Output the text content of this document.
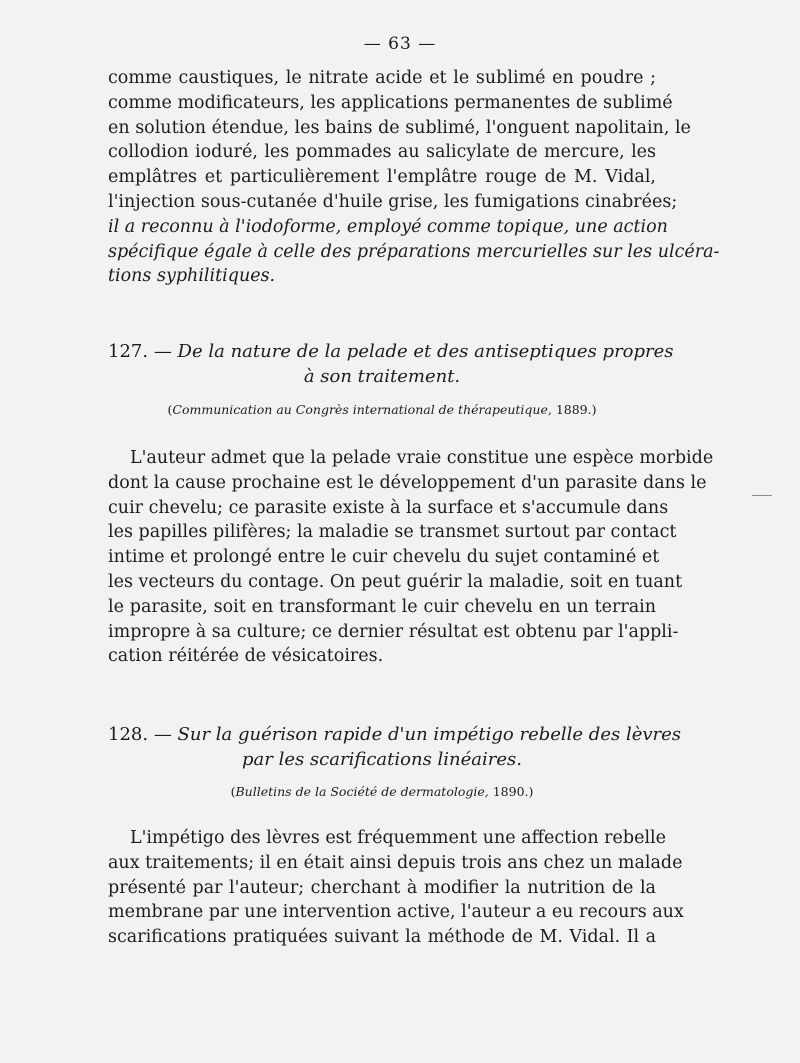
— 63 —
comme caustiques, le nitrate acide et le sublimé en poudre ;
comme modificateurs, les applications permanentes de sublimé
en solution étendue, les bains de sublimé, l'onguent napolitain, le
collodion ioduré, les pommades au salicylate de mercure, les
emplâtres et particulièrement l'emplâtre rouge de M. Vidal,
l'injection sous-cutanée d'huile grise, les fumigations cinabrées;
il a reconnu à l'iodoforme, employé comme topique, une action
spécifique égale à celle des préparations mercurielles sur les ulcéra-
tions syphilitiques.
127. — De la nature de la pelade et des antiseptiques propres
à son traitement.
(Communication au Congrès international de thérapeutique, 1889.)
L'auteur admet que la pelade vraie constitue une espèce morbide
dont la cause prochaine est le développement d'un parasite dans le
cuir chevelu; ce parasite existe à la surface et s'accumule dans
les papilles pilifères; la maladie se transmet surtout par contact
intime et prolongé entre le cuir chevelu du sujet contaminé et
les vecteurs du contage. On peut guérir la maladie, soit en tuant
le parasite, soit en transformant le cuir chevelu en un terrain
impropre à sa culture; ce dernier résultat est obtenu par l'appli-
cation réitérée de vésicatoires.
128. — Sur la guérison rapide d'un impétigo rebelle des lèvres
par les scarifications linéaires.
(Bulletins de la Société de dermatologie, 1890.)
L'impétigo des lèvres est fréquemment une affection rebelle
aux traitements; il en était ainsi depuis trois ans chez un malade
présenté par l'auteur; cherchant à modifier la nutrition de la
membrane par une intervention active, l'auteur a eu recours aux
scarifications pratiquées suivant la méthode de M. Vidal. Il a
